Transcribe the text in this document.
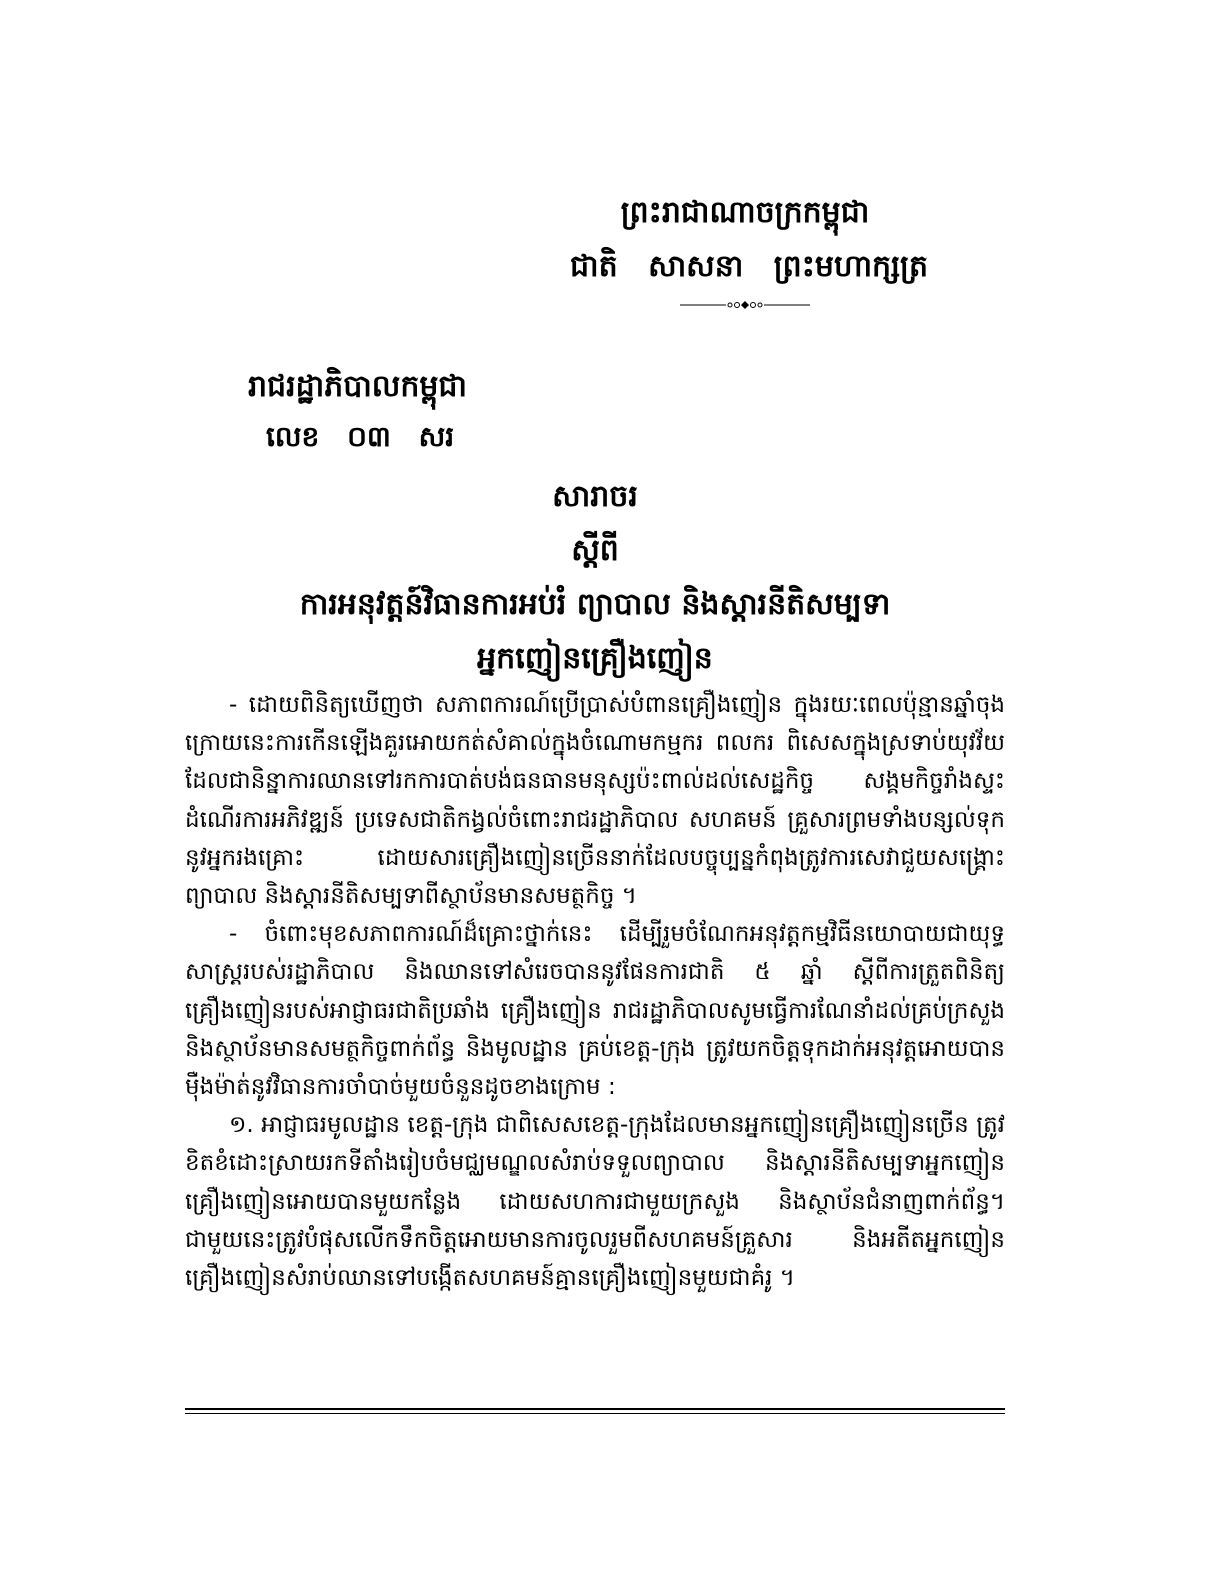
ព្រះរាជាណាចក្រកម្ពុជា
ជាតិ សាសនា ព្រះមហាក្សត្រ
រាជរដ្ឋាភិបាលកម្ពុជា
លេខ ០៣ សរ
សារាចរ
ស្តីពី
ការអនុវត្តន៍វិធានការអប់រំ ព្យាបាល និងស្តារនីតិសម្បទា
អ្នកញៀនគ្រឿងញៀន

- ដោយពិនិត្យឃើញថា សភាពការណ៍ប្រើប្រាស់បំពានគ្រឿងញៀន ក្នុងរយៈពេលប៉ុន្មានឆ្នាំចុងក្រោយនេះការកើនឡើងគួរអោយកត់សំគាល់ក្នុងចំណោមកម្មករ ពលករ ពិសេសក្នុងស្រទាប់យុវវ័យដែលជានិន្នាការឈានទៅរកការបាត់បង់ធនធានមនុស្សប៉ះពាល់ដល់សេដ្ឋកិច្ច សង្គមកិច្ចរាំងស្ទះដំណើរការអភិវឌ្ឍន៍ ប្រទេសជាតិកង្វល់ចំពោះរាជរដ្ឋាភិបាល សហគមន៍ គ្រួសារព្រមទាំងបន្សល់ទុកនូវអ្នករងគ្រោះ ដោយសារគ្រឿងញៀនច្រើននាក់ដែលបច្ចុប្បន្នកំពុងត្រូវការសេវាជួយសង្គ្រោះព្យាបាល និងស្តារនីតិសម្បទាពីស្ថាប័នមានសមត្ថកិច្ច ។

- ចំពោះមុខសភាពការណ៍ដ៏គ្រោះថ្នាក់នេះ ដើម្បីរួមចំណែកអនុវត្តកម្មវិធីនយោបាយជាយុទ្ធសាស្ត្ររបស់រដ្ឋាភិបាល និងឈានទៅសំរេចបាននូវផែនការជាតិ ៥ ឆ្នាំ ស្តីពីការត្រួតពិនិត្យគ្រឿងញៀនរបស់អាជ្ញាធរជាតិប្រឆាំង គ្រឿងញៀន រាជរដ្ឋាភិបាលសូមធ្វើការណែនាំដល់គ្រប់ក្រសួង និងស្ថាប័នមានសមត្ថកិច្ចពាក់ព័ន្ធ និងមូលដ្ឋាន គ្រប់ខេត្ត-ក្រុង ត្រូវយកចិត្តទុកដាក់អនុវត្តអោយបានម៉ឺងម៉ាត់នូវវិធានការចាំបាច់មួយចំនួនដូចខាងក្រោម :

១. អាជ្ញាធរមូលដ្ឋាន ខេត្ត-ក្រុង ជាពិសេសខេត្ត-ក្រុងដែលមានអ្នកញៀនគ្រឿងញៀនច្រើន ត្រូវខិតខំដោះស្រាយរកទីតាំងរៀបចំមជ្ឈមណ្ឌលសំរាប់ទទួលព្យាបាល និងស្តារនីតិសម្បទាអ្នកញៀនគ្រឿងញៀនអោយបានមួយកន្លែង ដោយសហការជាមួយក្រសួង និងស្ថាប័នជំនាញពាក់ព័ន្ធ។ ជាមួយនេះត្រូវបំផុសលើកទឹកចិត្តអោយមានការចូលរួមពីសហគមន៍គ្រួសារ និងអតីតអ្នកញៀនគ្រឿងញៀនសំរាប់ឈានទៅបង្កើតសហគមន៍គ្មានគ្រឿងញៀនមួយជាគំរូ ។
